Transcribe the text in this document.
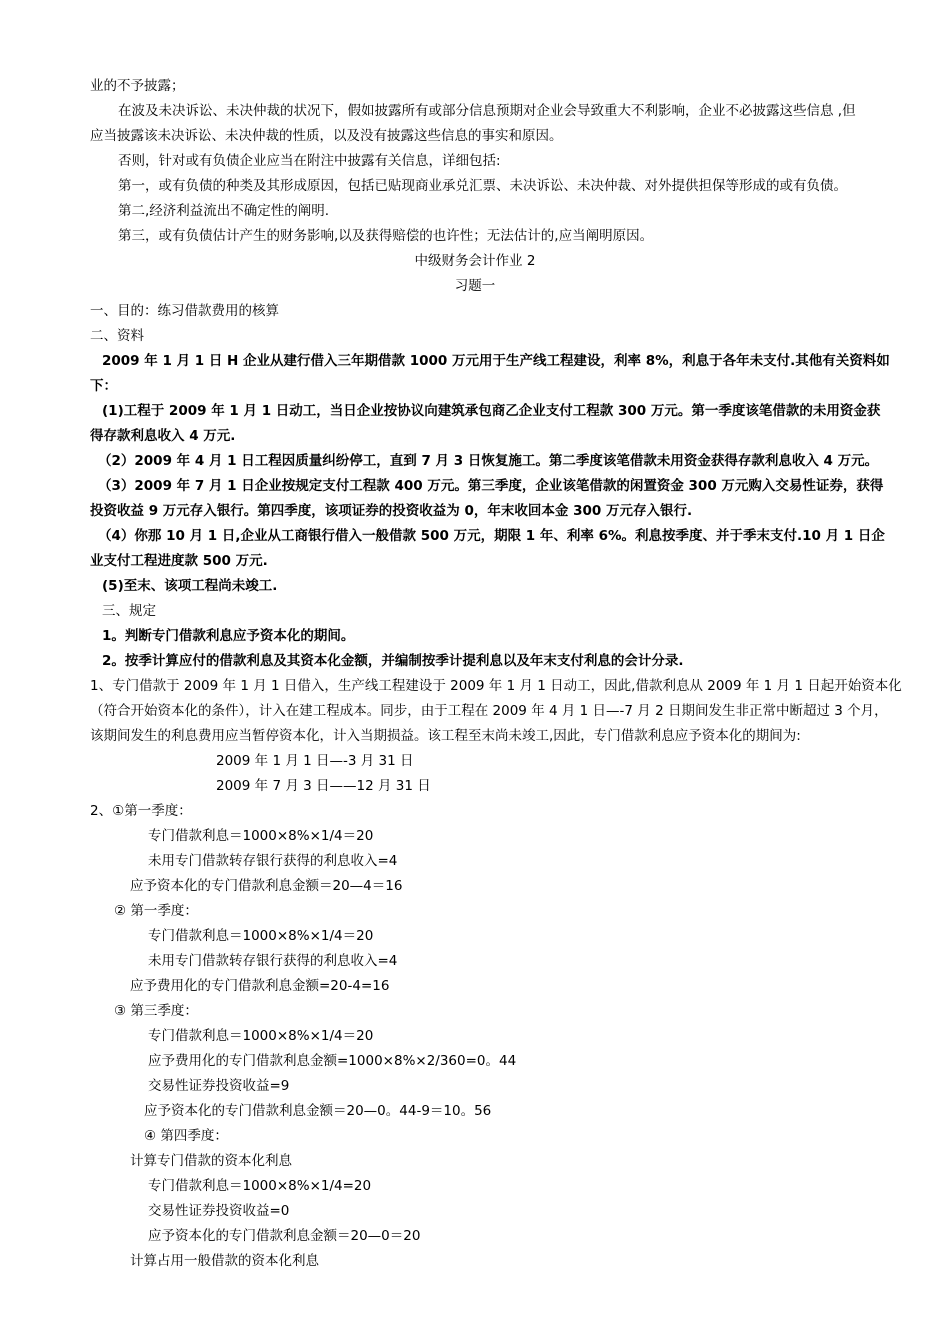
业的不予披露；
在波及未决诉讼、未决仲裁的状况下，假如披露所有或部分信息预期对企业会导致重大不利影响，企业不必披露这些信息 ,但
应当披露该未决诉讼、未决仲裁的性质，以及没有披露这些信息的事实和原因。
否则，针对或有负债企业应当在附注中披露有关信息，详细包括:
第一，或有负债的种类及其形成原因，包括已贴现商业承兑汇票、未决诉讼、未决仲裁、对外提供担保等形成的或有负债。
第二,经济利益流出不确定性的阐明.
第三，或有负债估计产生的财务影响,以及获得赔偿的也许性；无法估计的,应当阐明原因。
中级财务会计作业 2
习题一
一、目的：练习借款费用的核算
二、资料
2009 年 1 月 1 日 H 企业从建行借入三年期借款 1000 万元用于生产线工程建设，利率 8%，利息于各年未支付.其他有关资料如
下：
(1)工程于 2009 年 1 月 1 日动工，当日企业按协议向建筑承包商乙企业支付工程款 300 万元。第一季度该笔借款的未用资金获
得存款利息收入 4 万元.
（2）2009 年 4 月 1 日工程因质量纠纷停工，直到 7 月 3 日恢复施工。第二季度该笔借款未用资金获得存款利息收入 4 万元。
（3）2009 年 7 月 1 日企业按规定支付工程款 400 万元。第三季度，企业该笔借款的闲置资金 300 万元购入交易性证券，获得
投资收益 9 万元存入银行。第四季度，该项证券的投资收益为 0，年末收回本金 300 万元存入银行.
（4）你那 10 月 1 日,企业从工商银行借入一般借款 500 万元，期限 1 年、利率 6%。利息按季度、并于季末支付.10 月 1 日企
业支付工程进度款 500 万元.
(5)至末、该项工程尚未竣工.
三、规定
1。判断专门借款利息应予资本化的期间。
2。按季计算应付的借款利息及其资本化金额，并编制按季计提利息以及年末支付利息的会计分录.
1、专门借款于 2009 年 1 月 1 日借入，生产线工程建设于 2009 年 1 月 1 日动工，因此,借款利息从 2009 年 1 月 1 日起开始资本化
（符合开始资本化的条件），计入在建工程成本。同步，由于工程在 2009 年 4 月 1 日—-7 月 2 日期间发生非正常中断超过 3 个月，
该期间发生的利息费用应当暂停资本化，计入当期损益。该工程至末尚未竣工,因此，专门借款利息应予资本化的期间为:
2009 年 1 月 1 日—-3 月 31 日
2009 年 7 月 3 日——12 月 31 日
2、①第一季度：
专门借款利息＝1000×8%×1/4＝20
未用专门借款转存银行获得的利息收入=4
应予资本化的专门借款利息金额＝20—4＝16
② 第一季度：
专门借款利息＝1000×8%×1/4＝20
未用专门借款转存银行获得的利息收入=4
应予费用化的专门借款利息金额=20-4=16
③ 第三季度：
专门借款利息＝1000×8%×1/4＝20
应予费用化的专门借款利息金额=1000×8%×2/360=0。44
交易性证券投资收益=9
应予资本化的专门借款利息金额＝20—0。44-9＝10。56
④ 第四季度：
计算专门借款的资本化利息
专门借款利息＝1000×8%×1/4=20
交易性证券投资收益=0
应予资本化的专门借款利息金额＝20—0＝20
计算占用一般借款的资本化利息
